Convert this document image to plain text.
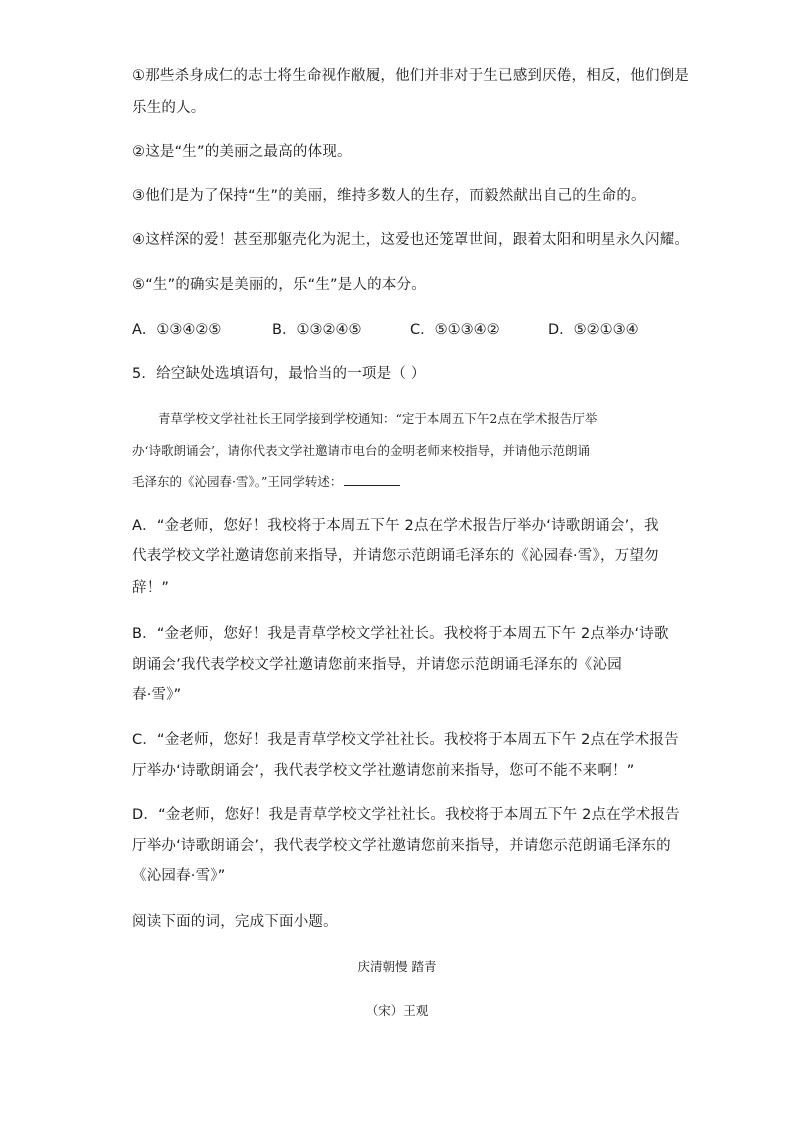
①那些杀身成仁的志士将生命视作敝履，他们并非对于生已感到厌倦，相反，他们倒是
乐生的人。
②这是“生”的美丽之最高的体现。
③他们是为了保持“生”的美丽，维持多数人的生存，而毅然献出自己的生命的。
④这样深的爱！甚至那躯壳化为泥土，这爱也还笼罩世间，跟着太阳和明星永久闪耀。
⑤“生”的确实是美丽的，乐“生”是人的本分。
A．①③④②⑤	B．①③②④⑤	C．⑤①③④②	D．⑤②①③④
5．给空缺处选填语句，最恰当的一项是（ ）
青草学校文学社社长王同学接到学校通知：“定于本周五下午2点在学术报告厅举
办‘诗歌朗诵会’，请你代表文学社邀请市电台的金明老师来校指导，并请他示范朗诵
毛泽东的《沁园春·雪》。”王同学转述：
A．“金老师，您好！我校将于本周五下午 2点在学术报告厅举办‘诗歌朗诵会’，我
代表学校文学社邀请您前来指导，并请您示范朗诵毛泽东的《沁园春·雪》，万望勿
辞！”
B．“金老师，您好！我是青草学校文学社社长。我校将于本周五下午 2点举办‘诗歌
朗诵会’我代表学校文学社邀请您前来指导，并请您示范朗诵毛泽东的《沁园
春·雪》”
C．“金老师，您好！我是青草学校文学社社长。我校将于本周五下午 2点在学术报告
厅举办‘诗歌朗诵会’，我代表学校文学社邀请您前来指导，您可不能不来啊！”
D．“金老师，您好！我是青草学校文学社社长。我校将于本周五下午 2点在学术报告
厅举办‘诗歌朗诵会’，我代表学校文学社邀请您前来指导，并请您示范朗诵毛泽东的
《沁园春·雪》”
阅读下面的词，完成下面小题。
庆清朝慢 踏青
（宋）王观
